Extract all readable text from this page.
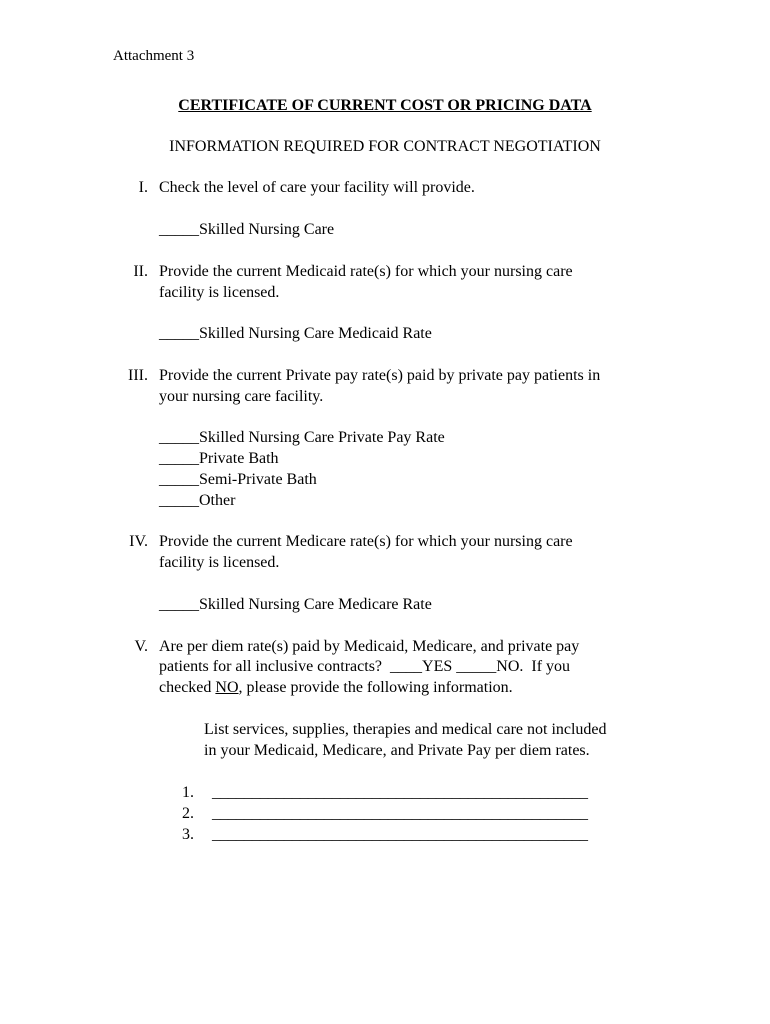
Attachment 3
CERTIFICATE OF CURRENT COST OR PRICING DATA
INFORMATION REQUIRED FOR CONTRACT NEGOTIATION
I. Check the level of care your facility will provide.
_____Skilled Nursing Care
II. Provide the current Medicaid rate(s) for which your nursing care
facility is licensed.
_____Skilled Nursing Care Medicaid Rate
III. Provide the current Private pay rate(s) paid by private pay patients in
your nursing care facility.
_____Skilled Nursing Care Private Pay Rate
_____Private Bath
_____Semi-Private Bath
_____Other
IV. Provide the current Medicare rate(s) for which your nursing care
facility is licensed.
_____Skilled Nursing Care Medicare Rate
V. Are per diem rate(s) paid by Medicaid, Medicare, and private pay
patients for all inclusive contracts?  ____YES _____NO.  If you
checked NO, please provide the following information.
List services, supplies, therapies and medical care not included
in your Medicaid, Medicare, and Private Pay per diem rates.
1. _______________________________________________
2. _______________________________________________
3. _______________________________________________
